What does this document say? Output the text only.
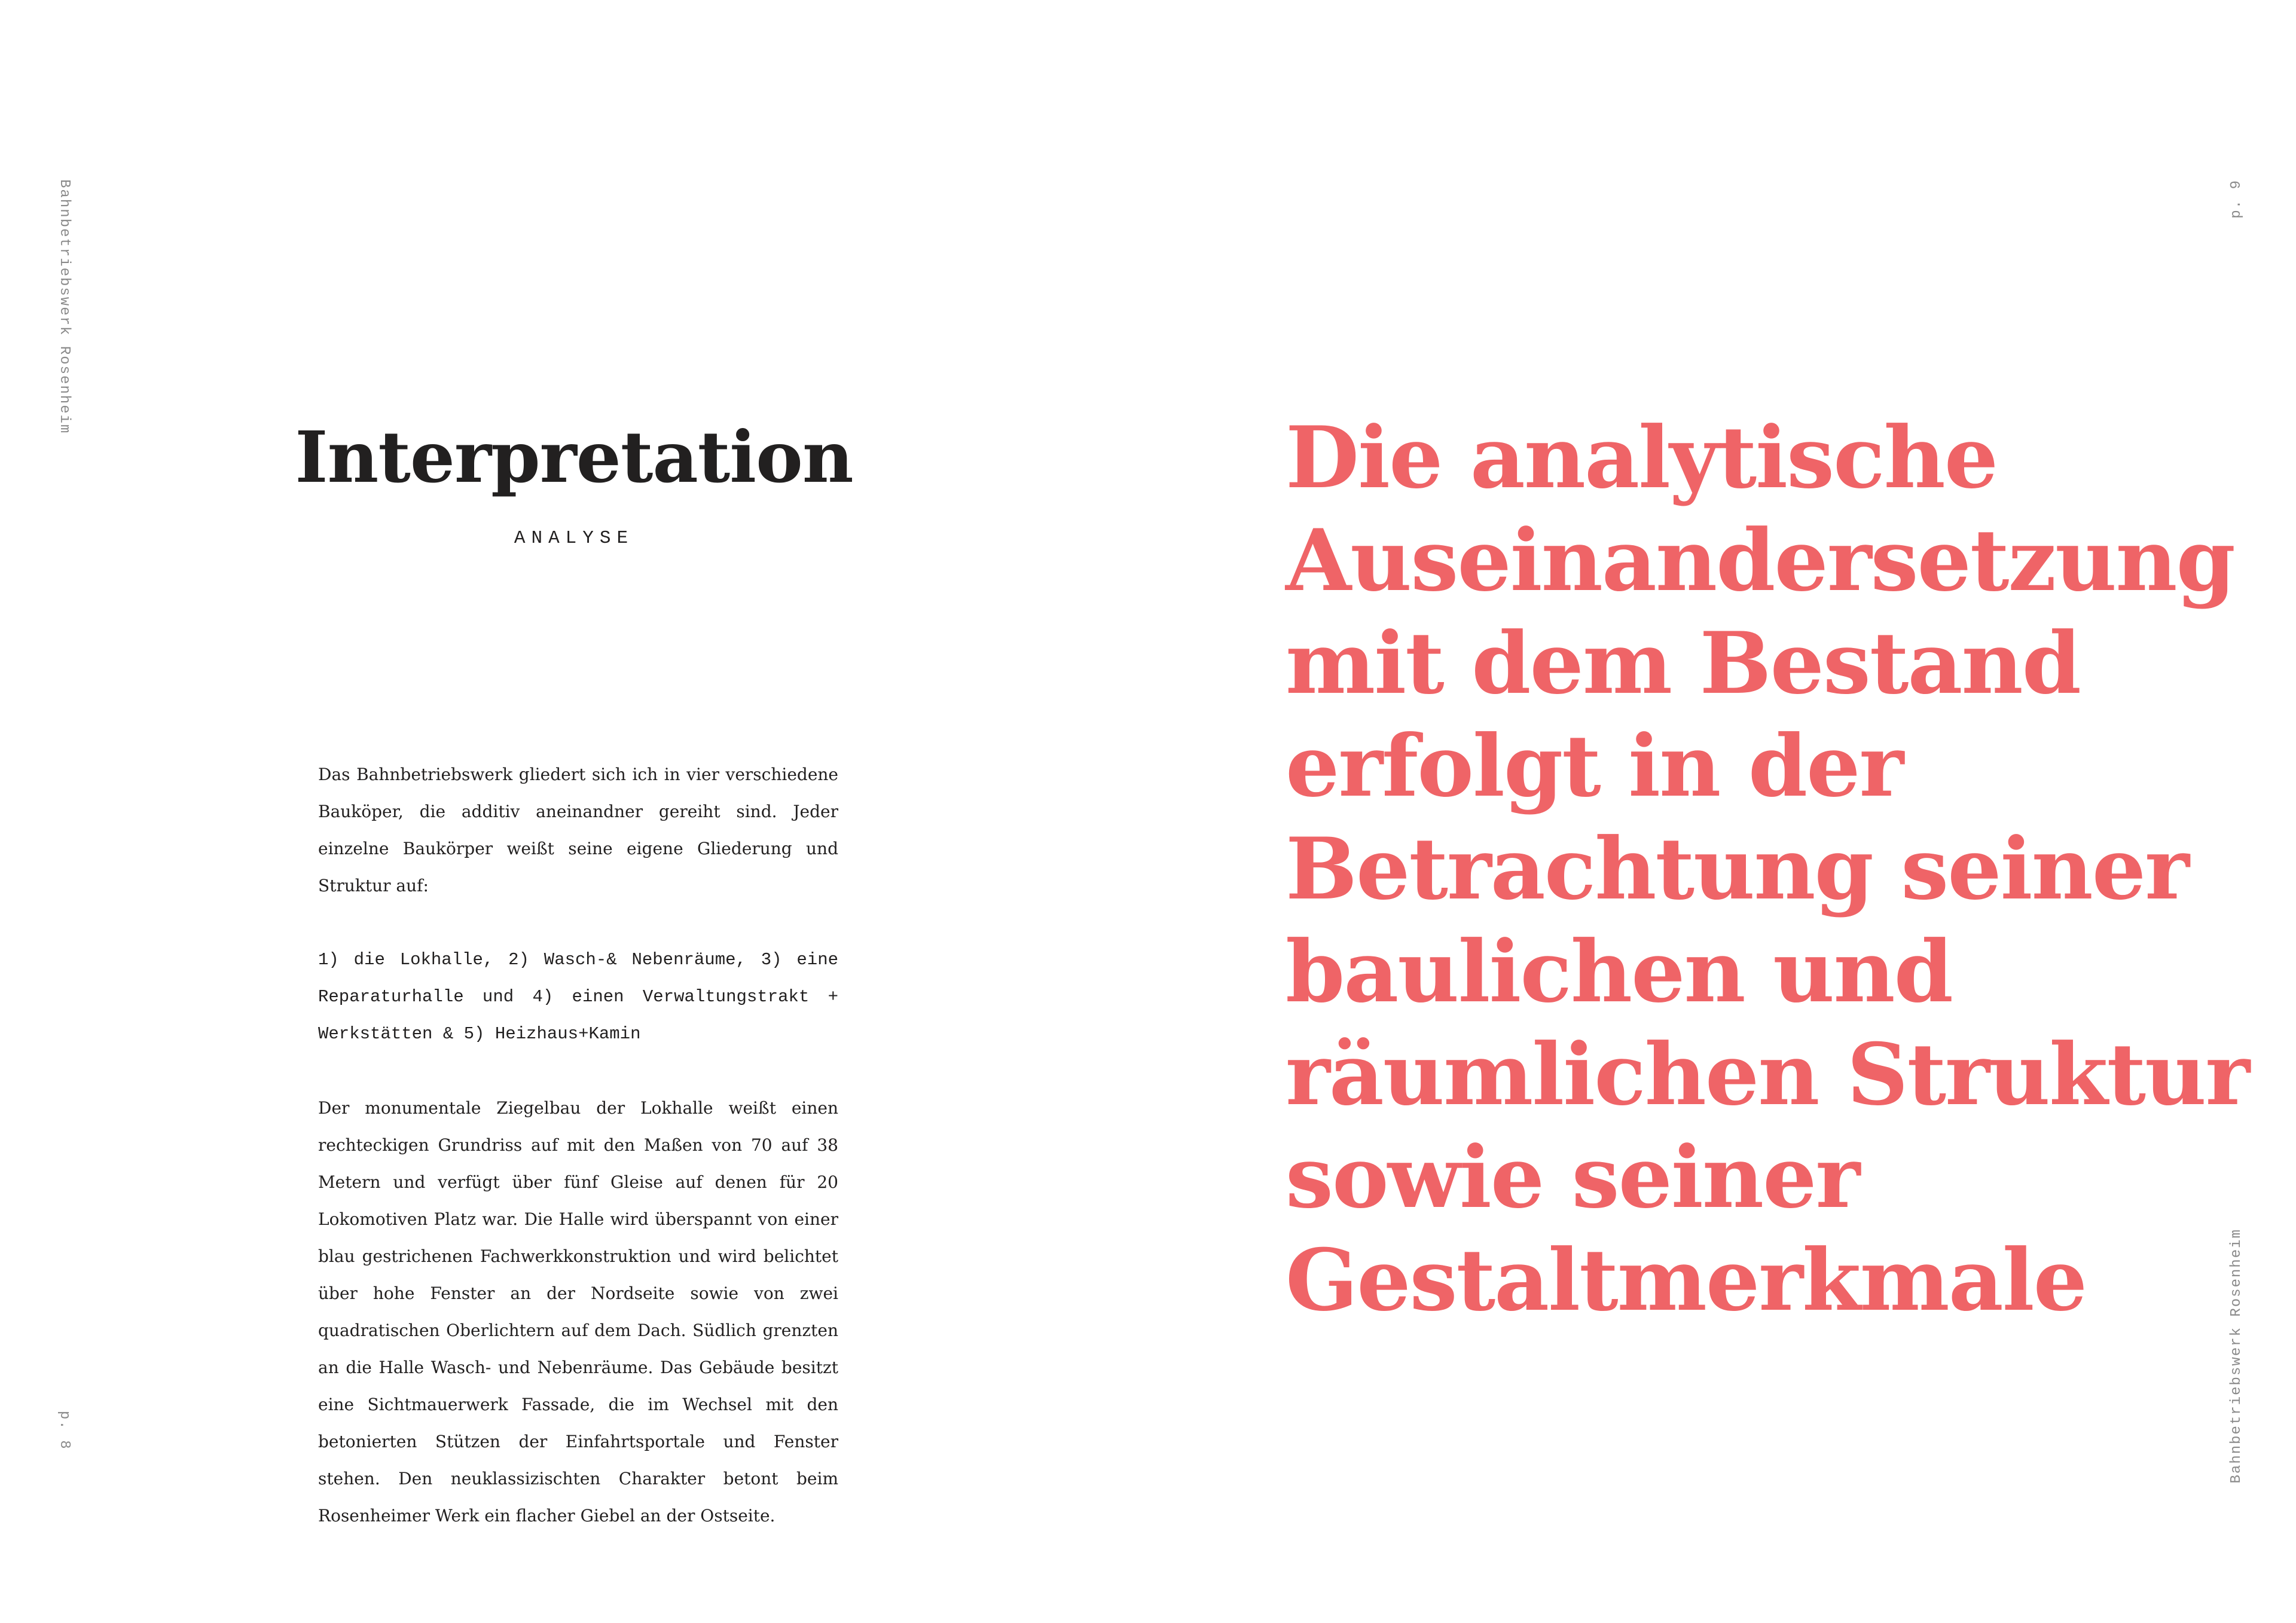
Bahnbetriebswerk Rosenheim
p. 8
p. 9
Bahnbetriebswerk Rosenheim
Interpretation
ANALYSE

Das Bahnbetriebswerk gliedert sich ich in vier verschiedene Bauköper, die additiv aneinandner gereiht sind. Jeder einzelne Baukörper weißt seine eigene Gliederung und Struktur auf:

1) die Lokhalle, 2) Wasch-& Nebenräume, 3) eine Reparaturhalle und 4) einen Verwaltungstrakt + Werkstätten & 5) Heizhaus+Kamin

Der monumentale Ziegelbau der Lokhalle weißt einen rechteckigen Grundriss auf mit den Maßen von 70 auf 38 Metern und verfügt über fünf Gleise auf denen für 20 Lokomotiven Platz war. Die Halle wird überspannt von einer blau gestrichenen Fachwerkkonstruktion und wird belichtet über hohe Fenster an der Nordseite sowie von zwei quadratischen Oberlichtern auf dem Dach. Südlich grenzten an die Halle Wasch- und Nebenräume. Das Gebäude besitzt eine Sichtmauerwerk Fassade, die im Wechsel mit den betonierten Stützen der Einfahrtsportale und Fenster stehen. Den neuklassizischten Charakter betont beim Rosenheimer Werk ein flacher Giebel an der Ostseite.

Die analytische
Auseinandersetzung
mit dem Bestand
erfolgt in der
Betrachtung seiner
baulichen und
räumlichen Struktur
sowie seiner
Gestaltmerkmale
